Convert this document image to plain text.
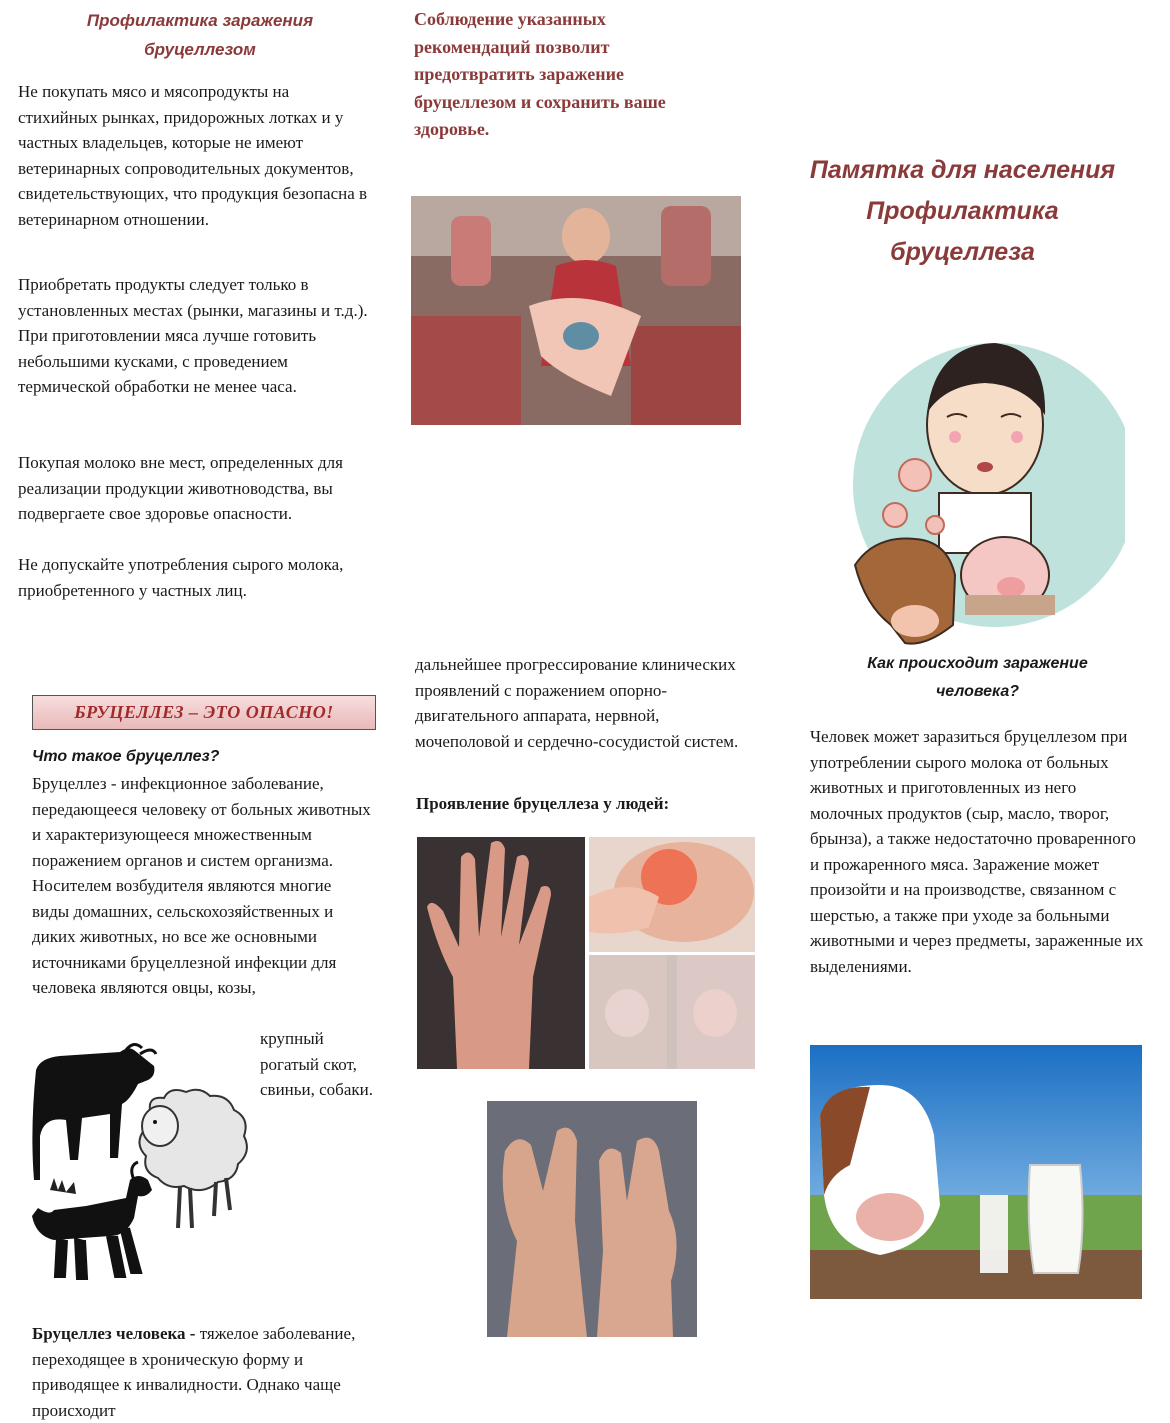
Профилактика заражения бруцеллезом

Не покупать мясо и мясопродукты на стихийных рынках, придорожных лотках и у частных владельцев, которые не имеют ветеринарных сопроводительных документов, свидетельствующих, что продукция безопасна в ветеринарном отношении.

Приобретать продукты следует только в установленных местах (рынки, магазины и т.д.). При приготовлении мяса лучше готовить небольшими кусками, с проведением термической обработки не менее часа.

Покупая молоко вне мест, определенных для реализации продукции животноводства, вы подвергаете свое здоровье опасности.

Не допускайте употребления сырого молока, приобретенного у частных лиц.

БРУЦЕЛЛЕЗ – ЭТО ОПАСНО!
Что такое бруцеллез?

Бруцеллез - инфекционное заболевание, передающееся человеку от больных животных и характеризующееся множественным поражением органов и систем организма. Носителем возбудителя являются многие виды домашних, сельскохозяйственных и диких животных, но все же основными источниками бруцеллезной инфекции для человека являются овцы, козы,

крупный рогатый скот, свиньи, собаки.

Бруцеллез человека - тяжелое заболевание, переходящее в хроническую форму и приводящее к инвалидности. Однако чаще происходит
Соблюдение указанных рекомендаций позволит предотвратить заражение бруцеллезом и сохранить ваше здоровье.

дальнейшее прогрессирование клинических проявлений с поражением опорно-двигательного аппарата, нервной, мочеполовой и сердечно-сосудистой систем.

Проявление бруцеллеза у людей:
Памятка для населения Профилактика бруцеллеза
Как происходит заражение человека?

Человек может заразиться бруцеллезом при употреблении сырого молока от больных животных и приготовленных из него молочных продуктов (сыр, масло, творог, брынза), а также недостаточно проваренного и прожаренного мяса. Заражение может произойти и на производстве, связанном с шерстью, а также при уходе за больными животными и через предметы, зараженные их выделениями.
